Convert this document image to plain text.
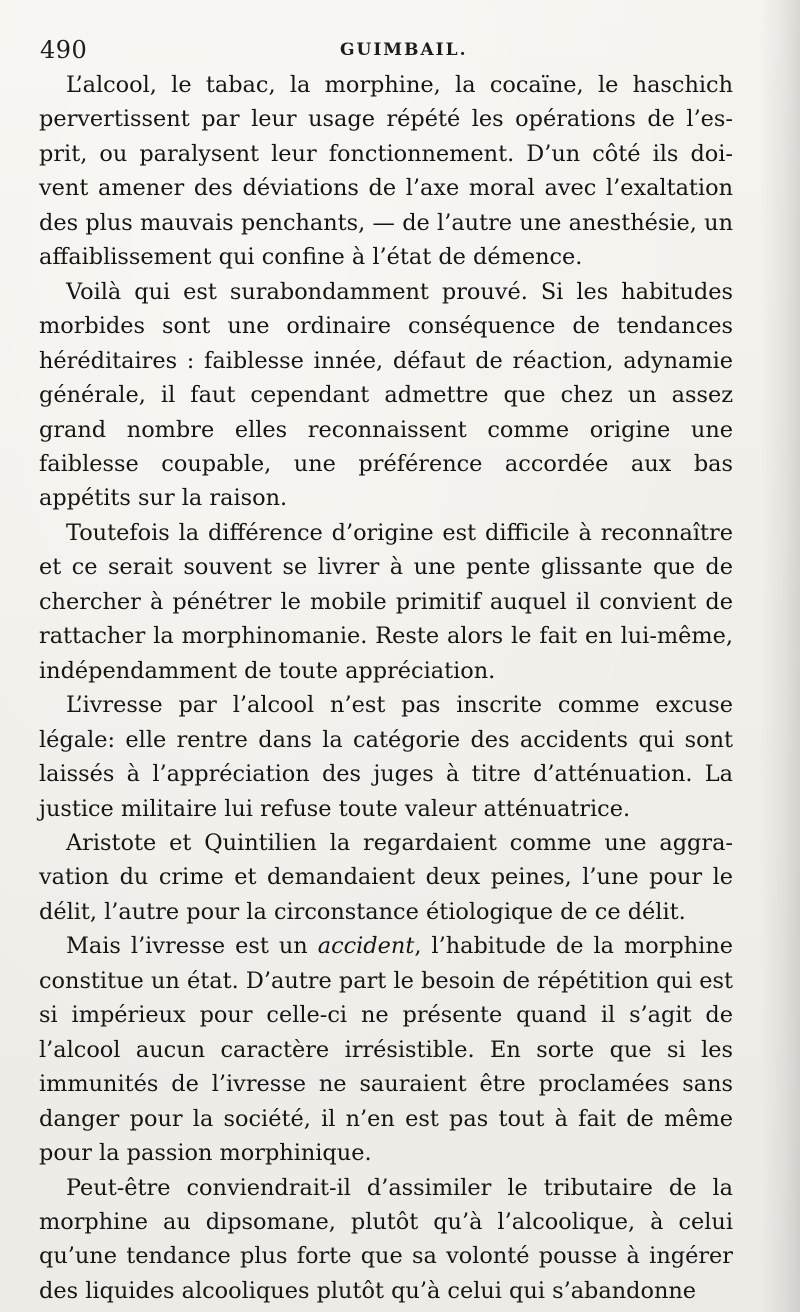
490	GUIMBAIL.

L’alcool, le tabac, la morphine, la cocaïne, le haschich pervertissent par leur usage répété les opérations de l’es-prit, ou paralysent leur fonctionnement. D’un côté ils doi-vent amener des déviations de l’axe moral avec l’exaltation des plus mauvais penchants, — de l’autre une anesthésie, un affaiblissement qui confine à l’état de démence.

Voilà qui est surabondamment prouvé. Si les habitudes morbides sont une ordinaire conséquence de tendances héréditaires : faiblesse innée, défaut de réaction, adynamie générale, il faut cependant admettre que chez un assez grand nombre elles reconnaissent comme origine une faiblesse coupable, une préférence accordée aux bas appétits sur la raison.

Toutefois la différence d’origine est difficile à reconnaître et ce serait souvent se livrer à une pente glissante que de chercher à pénétrer le mobile primitif auquel il convient de rattacher la morphinomanie. Reste alors le fait en lui-même, indépendamment de toute appréciation.

L’ivresse par l’alcool n’est pas inscrite comme excuse légale: elle rentre dans la catégorie des accidents qui sont laissés à l’appréciation des juges à titre d’atténuation. La justice militaire lui refuse toute valeur atténuatrice.

Aristote et Quintilien la regardaient comme une aggra-vation du crime et demandaient deux peines, l’une pour le délit, l’autre pour la circonstance étiologique de ce délit.

Mais l’ivresse est un accident, l’habitude de la morphine constitue un état. D’autre part le besoin de répétition qui est si impérieux pour celle-ci ne présente quand il s’agit de l’alcool aucun caractère irrésistible. En sorte que si les immunités de l’ivresse ne sauraient être proclamées sans danger pour la société, il n’en est pas tout à fait de même pour la passion morphinique.

Peut-être conviendrait-il d’assimiler le tributaire de la morphine au dipsomane, plutôt qu’à l’alcoolique, à celui qu’une tendance plus forte que sa volonté pousse à ingérer des liquides alcooliques plutôt qu’à celui qui s’abandonne
